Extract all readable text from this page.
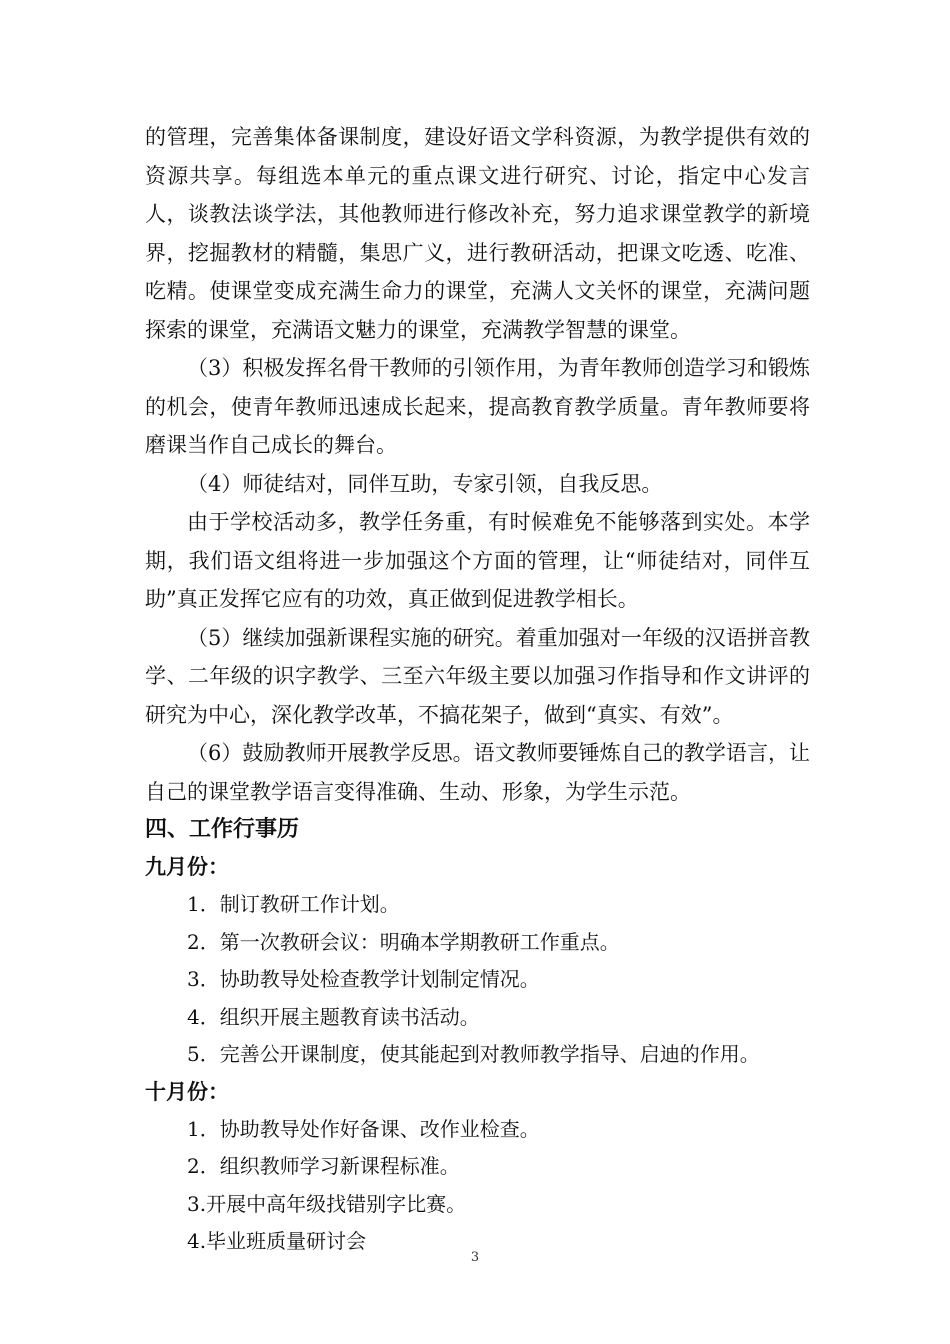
的管理，完善集体备课制度，建设好语文学科资源，为教学提供有效的资源共享。每组选本单元的重点课文进行研究、讨论，指定中心发言人，谈教法谈学法，其他教师进行修改补充，努力追求课堂教学的新境界，挖掘教材的精髓，集思广义，进行教研活动，把课文吃透、吃准、吃精。使课堂变成充满生命力的课堂，充满人文关怀的课堂，充满问题探索的课堂，充满语文魅力的课堂，充满教学智慧的课堂。

（3）积极发挥名骨干教师的引领作用，为青年教师创造学习和锻炼的机会，使青年教师迅速成长起来，提高教育教学质量。青年教师要将磨课当作自己成长的舞台。

（4）师徒结对，同伴互助，专家引领，自我反思。

由于学校活动多，教学任务重，有时候难免不能够落到实处。本学期，我们语文组将进一步加强这个方面的管理，让“师徒结对，同伴互助”真正发挥它应有的功效，真正做到促进教学相长。

（5）继续加强新课程实施的研究。着重加强对一年级的汉语拼音教学、二年级的识字教学、三至六年级主要以加强习作指导和作文讲评的研究为中心，深化教学改革，不搞花架子，做到“真实、有效”。

（6）鼓励教师开展教学反思。语文教师要锤炼自己的教学语言，让自己的课堂教学语言变得准确、生动、形象，为学生示范。

四、工作行事历
九月份：
1．制订教研工作计划。
2．第一次教研会议：明确本学期教研工作重点。
3．协助教导处检查教学计划制定情况。
4．组织开展主题教育读书活动。
5．完善公开课制度，使其能起到对教师教学指导、启迪的作用。
十月份：
1．协助教导处作好备课、改作业检查。
2．组织教师学习新课程标准。
3.开展中高年级找错别字比赛。
4.毕业班质量研讨会
3
